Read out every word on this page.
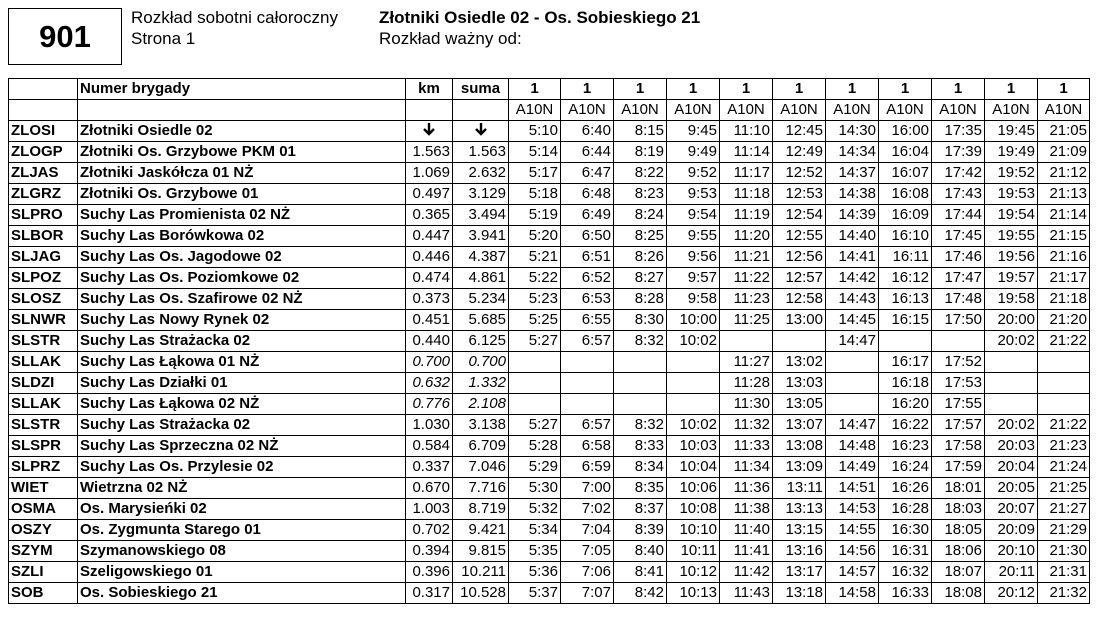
901
Rozkład sobotni całoroczny
Strona 1
Złotniki Osiedle 02 - Os. Sobieskiego 21
Rozkład ważny od:
	Numer brygady	km	suma	1	1	1	1	1	1	1	1	1	1	1
				A10N	A10N	A10N	A10N	A10N	A10N	A10N	A10N	A10N	A10N	A10N
ZLOSI	Złotniki Osiedle 02			5:10	6:40	8:15	9:45	11:10	12:45	14:30	16:00	17:35	19:45	21:05
ZLOGP	Złotniki Os. Grzybowe PKM 01	1.563	1.563	5:14	6:44	8:19	9:49	11:14	12:49	14:34	16:04	17:39	19:49	21:09
ZLJAS	Złotniki Jaskółcza 01 NŻ	1.069	2.632	5:17	6:47	8:22	9:52	11:17	12:52	14:37	16:07	17:42	19:52	21:12
ZLGRZ	Złotniki Os. Grzybowe 01	0.497	3.129	5:18	6:48	8:23	9:53	11:18	12:53	14:38	16:08	17:43	19:53	21:13
SLPRO	Suchy Las Promienista 02 NŻ	0.365	3.494	5:19	6:49	8:24	9:54	11:19	12:54	14:39	16:09	17:44	19:54	21:14
SLBOR	Suchy Las Borówkowa 02	0.447	3.941	5:20	6:50	8:25	9:55	11:20	12:55	14:40	16:10	17:45	19:55	21:15
SLJAG	Suchy Las Os. Jagodowe 02	0.446	4.387	5:21	6:51	8:26	9:56	11:21	12:56	14:41	16:11	17:46	19:56	21:16
SLPOZ	Suchy Las Os. Poziomkowe 02	0.474	4.861	5:22	6:52	8:27	9:57	11:22	12:57	14:42	16:12	17:47	19:57	21:17
SLOSZ	Suchy Las Os. Szafirowe 02 NŻ	0.373	5.234	5:23	6:53	8:28	9:58	11:23	12:58	14:43	16:13	17:48	19:58	21:18
SLNWR	Suchy Las Nowy Rynek 02	0.451	5.685	5:25	6:55	8:30	10:00	11:25	13:00	14:45	16:15	17:50	20:00	21:20
SLSTR	Suchy Las Strażacka 02	0.440	6.125	5:27	6:57	8:32	10:02			14:47			20:02	21:22
SLLAK	Suchy Las Łąkowa 01 NŻ	0.700	0.700					11:27	13:02		16:17	17:52		
SLDZI	Suchy Las Działki 01	0.632	1.332					11:28	13:03		16:18	17:53		
SLLAK	Suchy Las Łąkowa 02 NŻ	0.776	2.108					11:30	13:05		16:20	17:55		
SLSTR	Suchy Las Strażacka 02	1.030	3.138	5:27	6:57	8:32	10:02	11:32	13:07	14:47	16:22	17:57	20:02	21:22
SLSPR	Suchy Las Sprzeczna 02 NŻ	0.584	6.709	5:28	6:58	8:33	10:03	11:33	13:08	14:48	16:23	17:58	20:03	21:23
SLPRZ	Suchy Las Os. Przylesie 02	0.337	7.046	5:29	6:59	8:34	10:04	11:34	13:09	14:49	16:24	17:59	20:04	21:24
WIET	Wietrzna 02 NŻ	0.670	7.716	5:30	7:00	8:35	10:06	11:36	13:11	14:51	16:26	18:01	20:05	21:25
OSMA	Os. Marysieńki 02	1.003	8.719	5:32	7:02	8:37	10:08	11:38	13:13	14:53	16:28	18:03	20:07	21:27
OSZY	Os. Zygmunta Starego 01	0.702	9.421	5:34	7:04	8:39	10:10	11:40	13:15	14:55	16:30	18:05	20:09	21:29
SZYM	Szymanowskiego 08	0.394	9.815	5:35	7:05	8:40	10:11	11:41	13:16	14:56	16:31	18:06	20:10	21:30
SZLI	Szeligowskiego 01	0.396	10.211	5:36	7:06	8:41	10:12	11:42	13:17	14:57	16:32	18:07	20:11	21:31
SOB	Os. Sobieskiego 21	0.317	10.528	5:37	7:07	8:42	10:13	11:43	13:18	14:58	16:33	18:08	20:12	21:32
